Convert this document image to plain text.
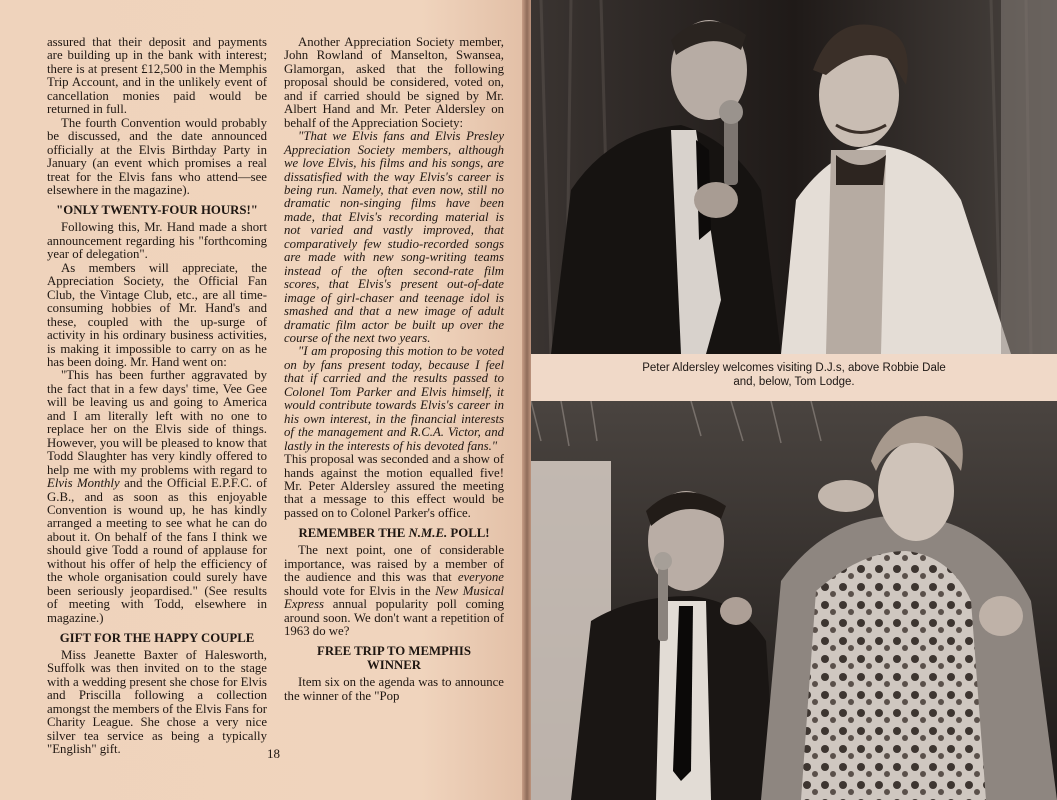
assured that their deposit and payments are building up in the bank with interest; there is at present £12,500 in the Memphis Trip Account, and in the unlikely event of cancellation monies paid would be returned in full.

The fourth Convention would probably be discussed, and the date announced officially at the Elvis Birthday Party in January (an event which promises a real treat for the Elvis fans who attend—see elsewhere in the magazine).

"ONLY TWENTY-FOUR HOURS!"

Following this, Mr. Hand made a short announcement regarding his "forthcoming year of delegation".

As members will appreciate, the Appreciation Society, the Official Fan Club, the Vintage Club, etc., are all time-consuming hobbies of Mr. Hand's and these, coupled with the up-surge of activity in his ordinary business activities, is making it impossible to carry on as he has been doing. Mr. Hand went on:

"This has been further aggravated by the fact that in a few days' time, Vee Gee will be leaving us and going to America and I am literally left with no one to replace her on the Elvis side of things. However, you will be pleased to know that Todd Slaughter has very kindly offered to help me with my problems with regard to Elvis Monthly and the Official E.P.F.C. of G.B., and as soon as this enjoyable Convention is wound up, he has kindly arranged a meeting to see what he can do about it. On behalf of the fans I think we should give Todd a round of applause for without his offer of help the efficiency of the whole organisation could surely have been seriously jeopardised." (See results of meeting with Todd, elsewhere in magazine.)

GIFT FOR THE HAPPY COUPLE

Miss Jeanette Baxter of Halesworth, Suffolk was then invited on to the stage with a wedding present she chose for Elvis and Priscilla following a collection amongst the members of the Elvis Fans for Charity League. She chose a very nice silver tea service as being a typically "English" gift.

Another Appreciation Society member, John Rowland of Manselton, Swansea, Glamorgan, asked that the following proposal should be considered, voted on, and if carried should be signed by Mr. Albert Hand and Mr. Peter Aldersley on behalf of the Appreciation Society:

"That we Elvis fans and Elvis Presley Appreciation Society members, although we love Elvis, his films and his songs, are dissatisfied with the way Elvis's career is being run. Namely, that even now, still no dramatic non-singing films have been made, that Elvis's recording material is not varied and vastly improved, that comparatively few studio-recorded songs are made with new song-writing teams instead of the often second-rate film scores, that Elvis's present out-of-date image of girl-chaser and teenage idol is smashed and that a new image of adult dramatic film actor be built up over the course of the next two years.

"I am proposing this motion to be voted on by fans present today, because I feel that if carried and the results passed to Colonel Tom Parker and Elvis himself, it would contribute towards Elvis's career in his own interest, in the financial interests of the management and R.C.A. Victor, and lastly in the interests of his devoted fans."

This proposal was seconded and a show of hands against the motion equalled five! Mr. Peter Aldersley assured the meeting that a message to this effect would be passed on to Colonel Parker's office.

REMEMBER THE N.M.E. POLL!

The next point, one of considerable importance, was raised by a member of the audience and this was that everyone should vote for Elvis in the New Musical Express annual popularity poll coming around soon. We don't want a repetition of 1963 do we?

FREE TRIP TO MEMPHIS WINNER

Item six on the agenda was to announce the winner of the "Pop

18
Peter Aldersley welcomes visiting D.J.s, above Robbie Dale
and, below, Tom Lodge.
